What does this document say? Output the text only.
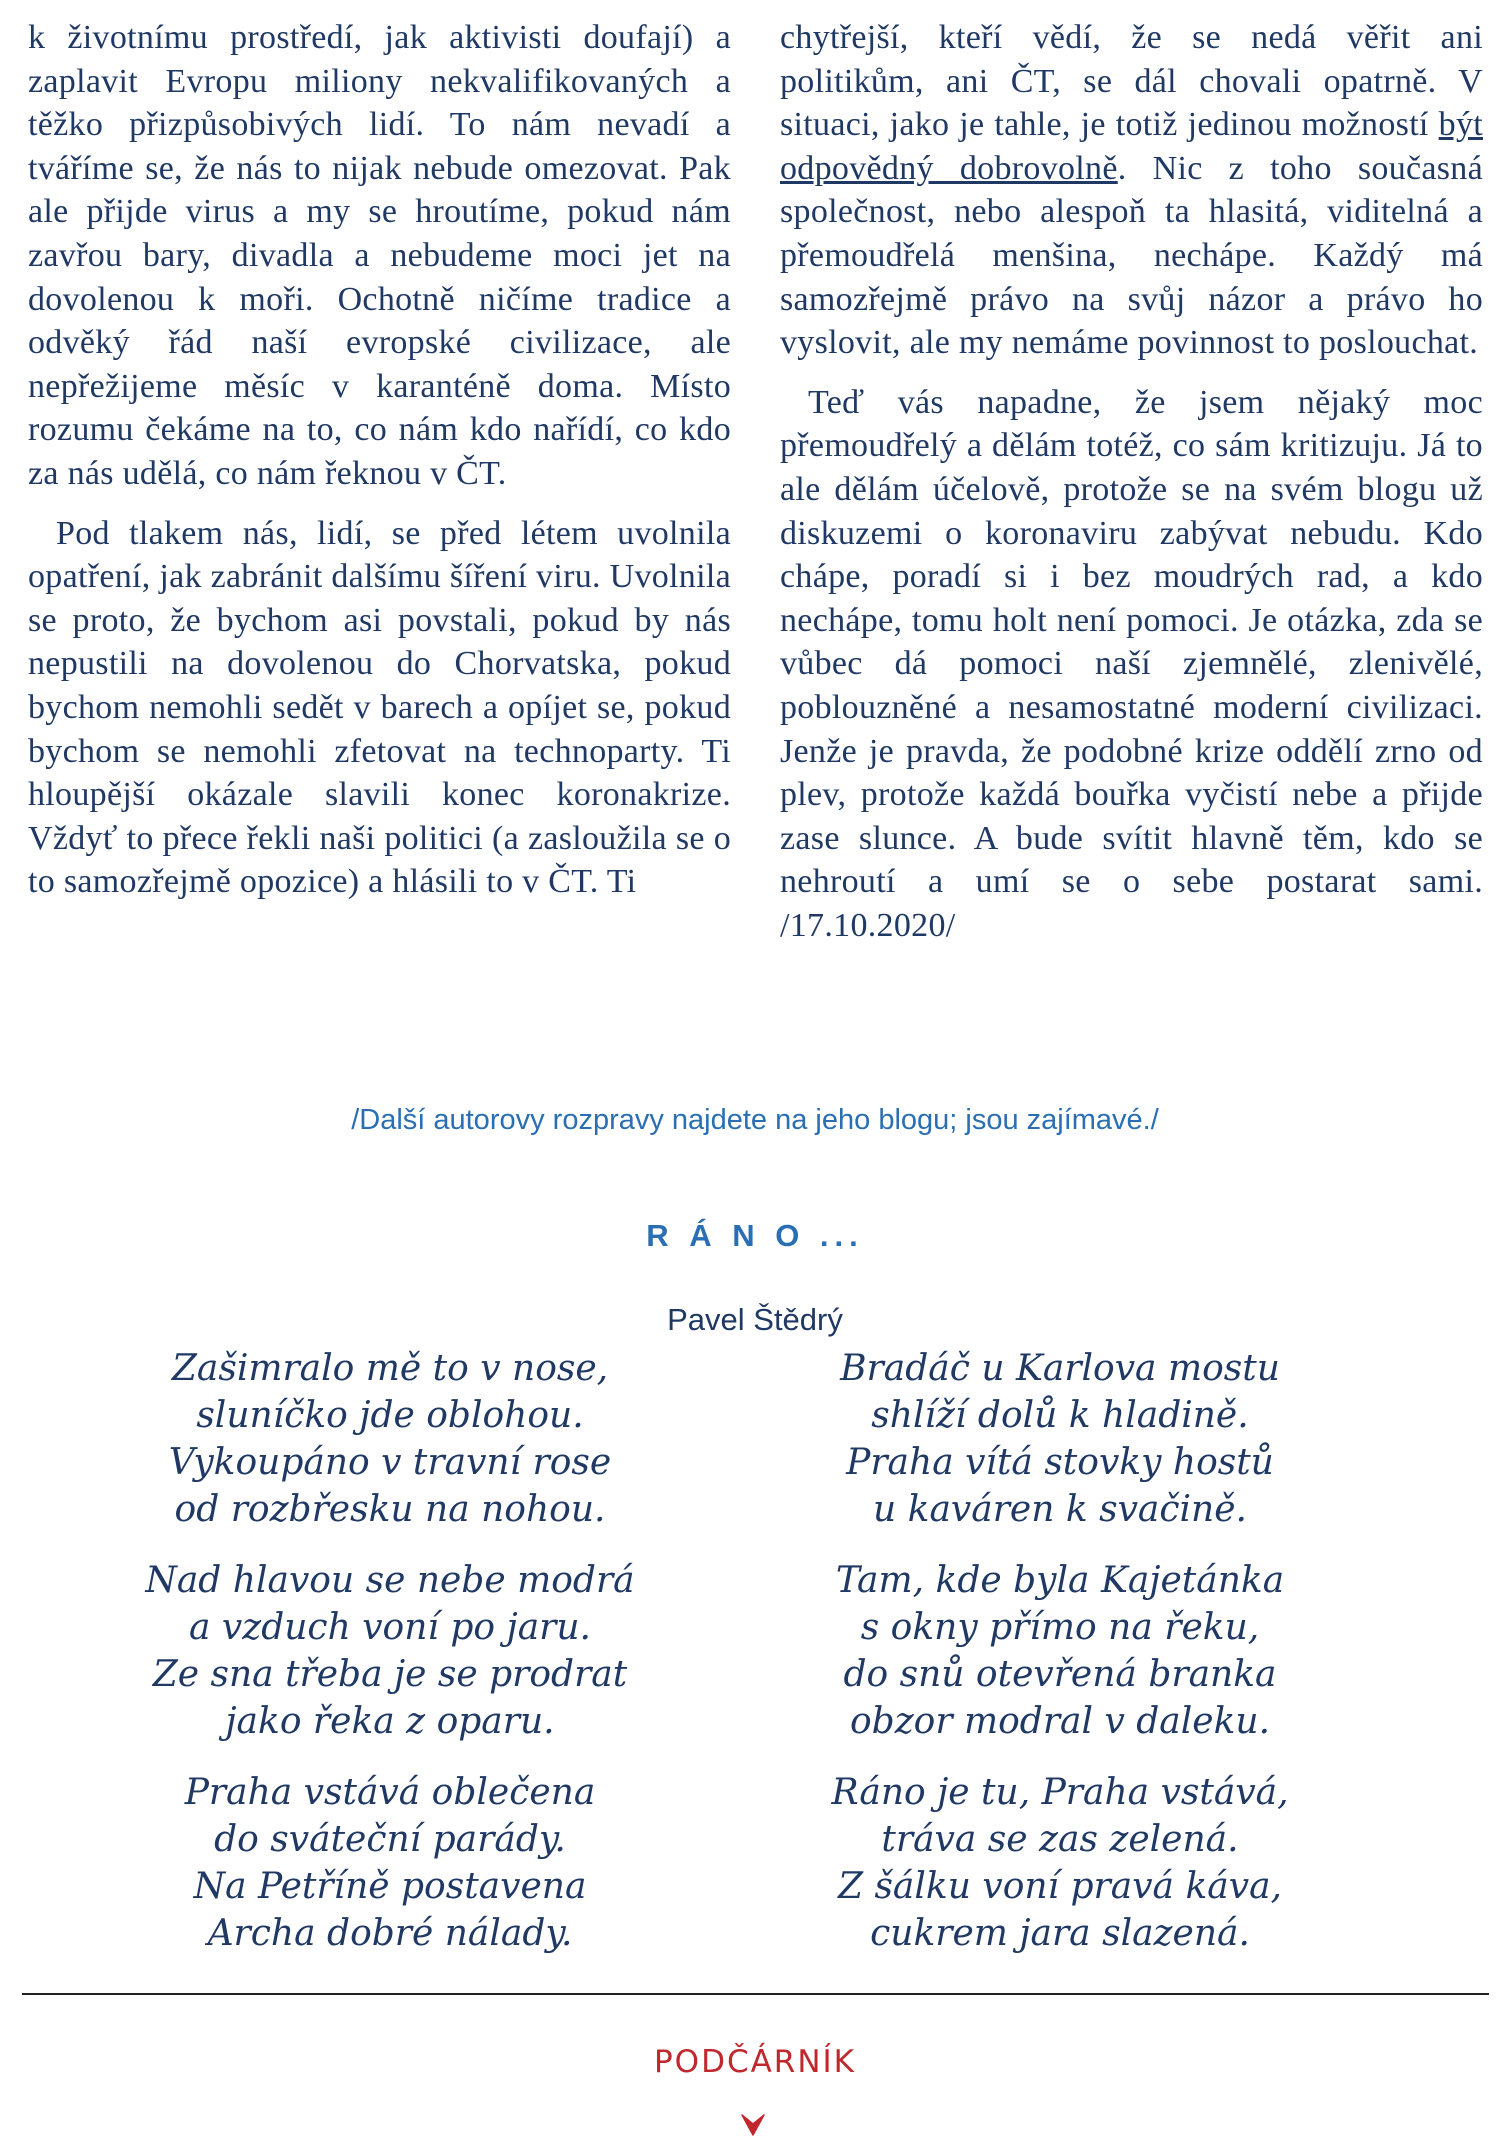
k životnímu prostředí, jak aktivisti doufají) a zaplavit Evropu miliony nekvalifikovaných a těžko přizpůsobivých lidí. To nám nevadí a tváříme se, že nás to nijak nebude omezovat. Pak ale přijde virus a my se hroutíme, pokud nám zavřou bary, divadla a nebudeme moci jet na dovolenou k moři. Ochotně ničíme tradice a odvěký řád naší evropské civilizace, ale nepřežijeme měsíc v karanténě doma. Místo rozumu čekáme na to, co nám kdo nařídí, co kdo za nás udělá, co nám řeknou v ČT.

Pod tlakem nás, lidí, se před létem uvolnila opatření, jak zabránit dalšímu šíření viru. Uvolnila se proto, že bychom asi povstali, pokud by nás nepustili na dovolenou do Chorvatska, pokud bychom nemohli sedět v barech a opíjet se, pokud bychom se nemohli zfetovat na technoparty. Ti hloupější okázale slavili konec koronakrize. Vždyť to přece řekli naši politici (a zasloužila se o to samozřejmě opozice) a hlásili to v ČT. Ti

chytřejší, kteří vědí, že se nedá věřit ani politikům, ani ČT, se dál chovali opatrně. V situaci, jako je tahle, je totiž jedinou možností být odpovědný dobrovolně. Nic z toho současná společnost, nebo alespoň ta hlasitá, viditelná a přemoudřelá menšina, nechápe. Každý má samozřejmě právo na svůj názor a právo ho vyslovit, ale my nemáme povinnost to poslouchat.

Teď vás napadne, že jsem nějaký moc přemoudřelý a dělám totéž, co sám kritizuju. Já to ale dělám účelově, protože se na svém blogu už diskuzemi o koronaviru zabývat nebudu. Kdo chápe, poradí si i bez moudrých rad, a kdo nechápe, tomu holt není pomoci. Je otázka, zda se vůbec dá pomoci naší zjemnělé, zlenivělé, poblouzněné a nesamostatné moderní civilizaci. Jenže je pravda, že podobné krize oddělí zrno od plev, protože každá bouřka vyčistí nebe a přijde zase slunce. A bude svítit hlavně těm, kdo se nehroutí a umí se o sebe postarat sami. /17.10.2020/

/Další autorovy rozpravy najdete na jeho blogu; jsou zajímavé./
R Á N O ...
Pavel Štědrý
Zašimralo mě to v nose,
sluníčko jde oblohou.
Vykoupáno v travní rose
od rozbřesku na nohou.
Nad hlavou se nebe modrá
a vzduch voní po jaru.
Ze sna třeba je se prodrat
jako řeka z oparu.
Praha vstává oblečena
do sváteční parády.
Na Petříně postavena
Archa dobré nálady.
Bradáč u Karlova mostu
shlíží dolů k hladině.
Praha vítá stovky hostů
u kaváren k svačině.
Tam, kde byla Kajetánka
s okny přímo na řeku,
do snů otevřená branka
obzor modral v daleku.
Ráno je tu, Praha vstává,
tráva se zas zelená.
Z šálku voní pravá káva,
cukrem jara slazená.
PODČÁRNÍK
